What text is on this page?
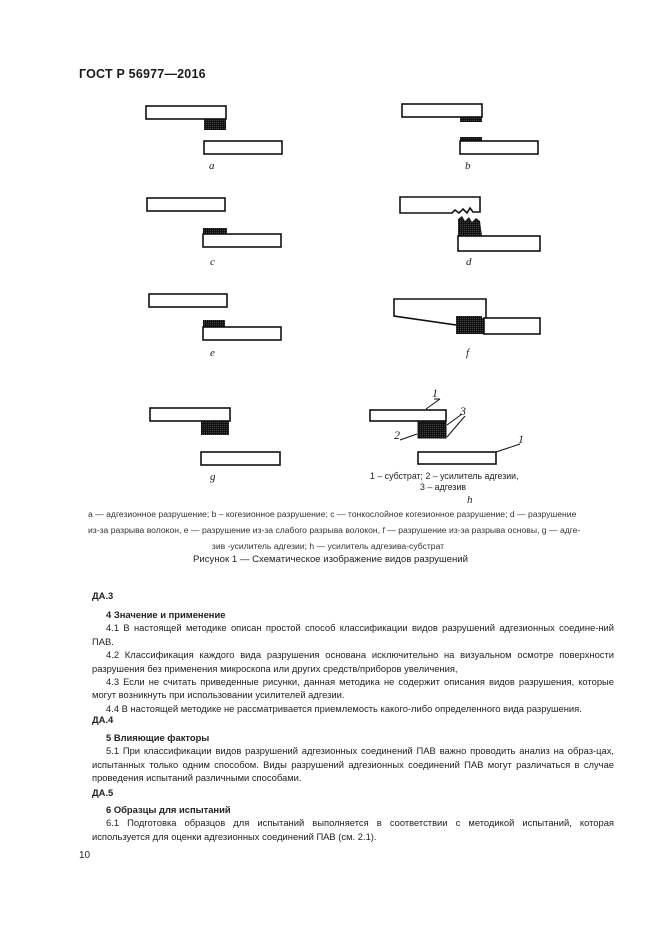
ГОСТ Р 56977—2016
a	b
c	d
e	f
g
h
1
2
3
1
1 – субстрат; 2 – усилитель адгезии,
3 – адгезив
a — адгезионное разрушение; b – когезионное разрушение; c — тонкослойное когезионное разрушение; d — разрушение
из-за разрыва волокон, e — разрушение из-за слабого разрыва волокон, f — разрушение из-за разрыва основы, g — адге-
зив -усилитель адгезии; h — усилитель адгезива-субстрат
Рисунок 1 — Схематическое изображение видов разрушений
ДА.3

4 Значение и применение

4.1 В настоящей методике описан простой способ классификации видов разрушений адгезионных соедине-ний ПАВ.

4.2 Классификация каждого вида разрушения основана исключительно на визуальном осмотре поверхности разрушения без применения микроскопа или других средств/приборов увеличения,

4.3 Если не считать приведенные рисунки, данная методика не содержит описания видов разрушения, которые могут возникнуть при использовании усилителей адгезии.

4.4 В настоящей методике не рассматривается приемлемость какого-либо определенного вида разрушения.

ДА.4

5 Влияющие факторы

5.1 При классификации видов разрушений адгезионных соединений ПАВ важно проводить анализ на образ-цах, испытанных только одним способом. Виды разрушений адгезионных соединений ПАВ могут различаться в случае проведения испытаний различными способами.

ДА.5

6 Образцы для испытаний

6.1 Подготовка образцов для испытаний выполняется в соответствии с методикой испытаний, которая используется для оценки адгезионных соединений ПАВ (см. 2.1).

10
